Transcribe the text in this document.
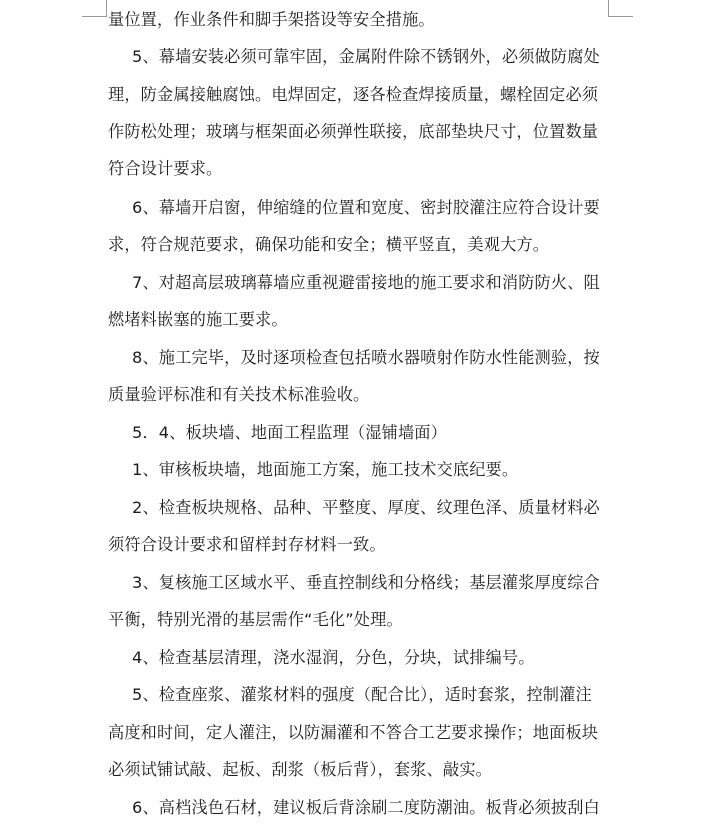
量位置，作业条件和脚手架搭设等安全措施。
5、幕墙安装必须可靠牢固，金属附件除不锈钢外，必须做防腐处
理，防金属接触腐蚀。电焊固定，逐各检查焊接质量，螺栓固定必须
作防松处理；玻璃与框架面必须弹性联接，底部垫块尺寸，位置数量
符合设计要求。
6、幕墙开启窗，伸缩缝的位置和宽度、密封胶灌注应符合设计要
求，符合规范要求，确保功能和安全；横平竖直，美观大方。
7、对超高层玻璃幕墙应重视避雷接地的施工要求和消防防火、阻
燃堵料嵌塞的施工要求。
8、施工完毕，及时逐项检查包括喷水器喷射作防水性能测验，按
质量验评标准和有关技术标准验收。
5．4、板块墙、地面工程监理（湿铺墙面）
1、审核板块墙，地面施工方案，施工技术交底纪要。
2、检查板块规格、品种、平整度、厚度、纹理色泽、质量材料必
须符合设计要求和留样封存材料一致。
3、复核施工区域水平、垂直控制线和分格线；基层灌浆厚度综合
平衡，特别光滑的基层需作“毛化”处理。
4、检查基层清理，浇水湿润，分色，分块，试排编号。
5、检查座浆、灌浆材料的强度（配合比），适时套浆，控制灌注
高度和时间，定人灌注，以防漏灌和不答合工艺要求操作；地面板块
必须试铺试敲、起板、刮浆（板后背），套浆、敲实。
6、高档浅色石材，建议板后背涂刷二度防潮油。板背必须披刮白
